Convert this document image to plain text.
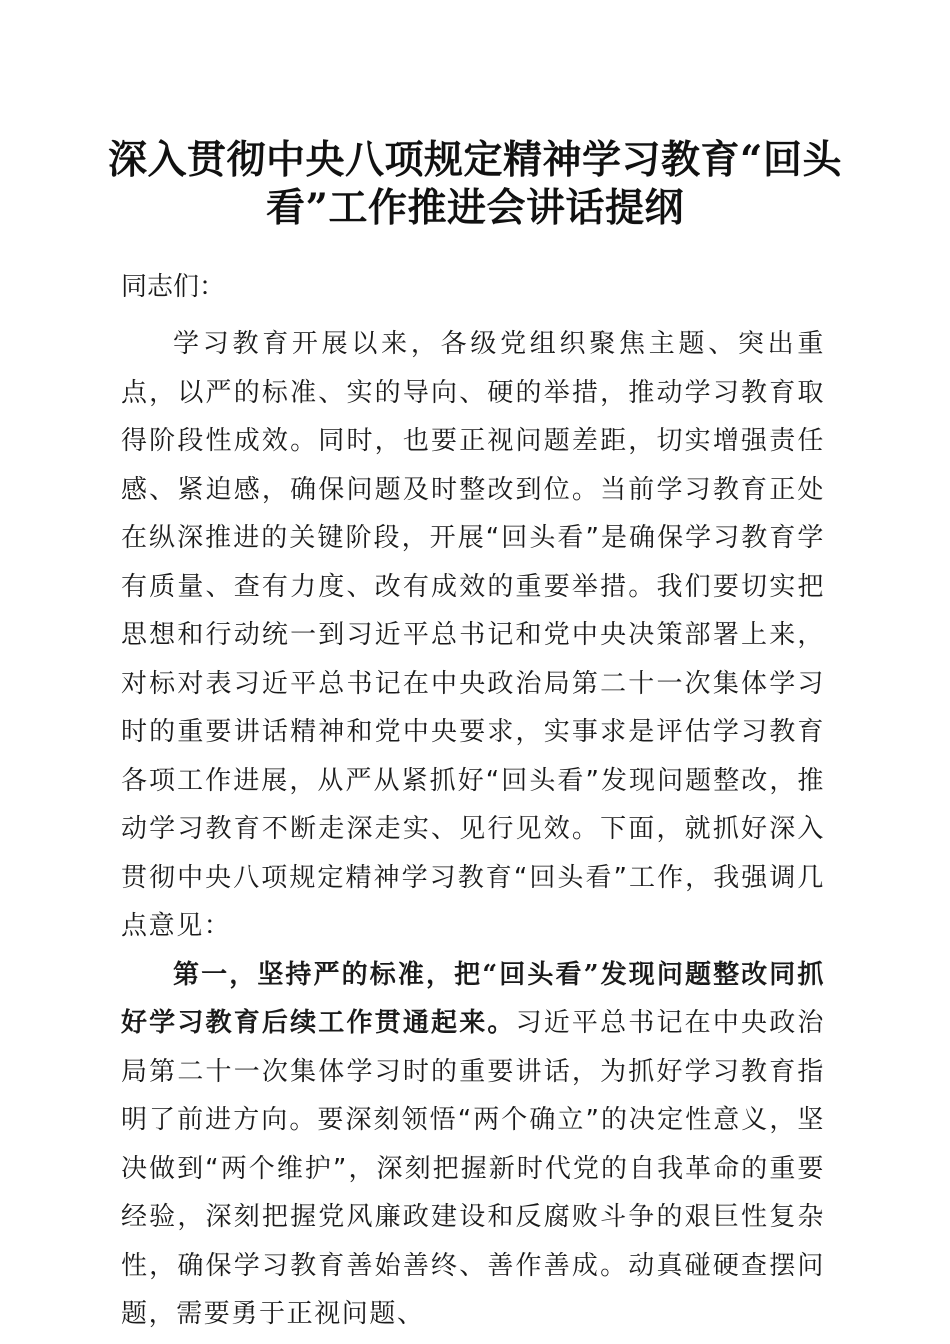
深入贯彻中央八项规定精神学习教育“回头
看”工作推进会讲话提纲

同志们：

学习教育开展以来，各级党组织聚焦主题、突出重点，以严的标准、实的导向、硬的举措，推动学习教育取得阶段性成效。同时，也要正视问题差距，切实增强责任感、紧迫感，确保问题及时整改到位。当前学习教育正处在纵深推进的关键阶段，开展“回头看”是确保学习教育学有质量、查有力度、改有成效的重要举措。我们要切实把思想和行动统一到习近平总书记和党中央决策部署上来，对标对表习近平总书记在中央政治局第二十一次集体学习时的重要讲话精神和党中央要求，实事求是评估学习教育各项工作进展，从严从紧抓好“回头看”发现问题整改，推动学习教育不断走深走实、见行见效。下面，就抓好深入贯彻中央八项规定精神学习教育“回头看”工作，我强调几点意见：

第一，坚持严的标准，把“回头看”发现问题整改同抓好学习教育后续工作贯通起来。习近平总书记在中央政治局第二十一次集体学习时的重要讲话，为抓好学习教育指明了前进方向。要深刻领悟“两个确立”的决定性意义，坚决做到“两个维护”，深刻把握新时代党的自我革命的重要经验，深刻把握党风廉政建设和反腐败斗争的艰巨性复杂性，确保学习教育善始善终、善作善成。动真碰硬查摆问题，需要勇于正视问题、
